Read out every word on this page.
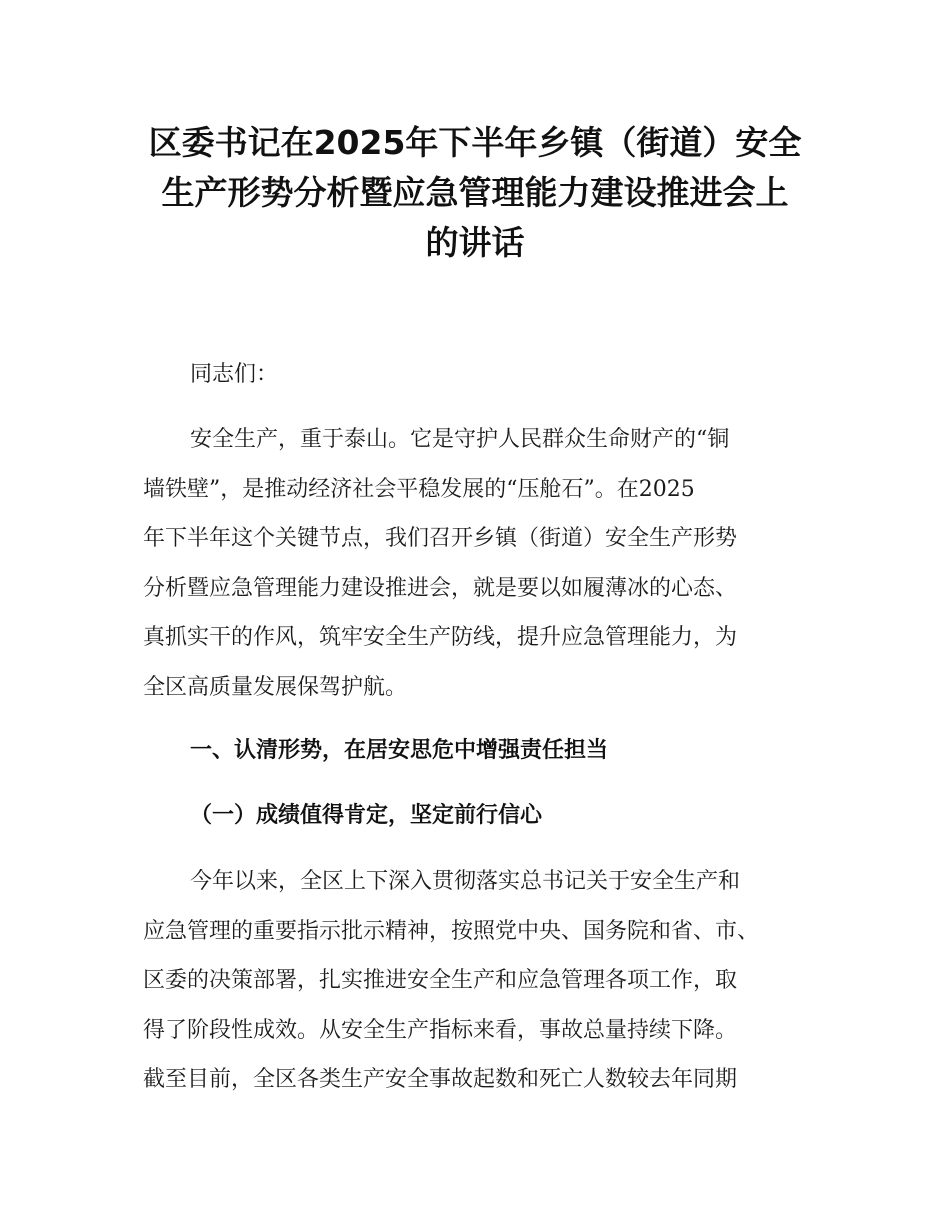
区委书记在2025年下半年乡镇（街道）安全
生产形势分析暨应急管理能力建设推进会上
的讲话

同志们：

安全生产，重于泰山。它是守护人民群众生命财产的“铜
墙铁壁”，是推动经济社会平稳发展的“压舱石”。在2025
年下半年这个关键节点，我们召开乡镇（街道）安全生产形势
分析暨应急管理能力建设推进会，就是要以如履薄冰的心态、
真抓实干的作风，筑牢安全生产防线，提升应急管理能力，为
全区高质量发展保驾护航。

一、认清形势，在居安思危中增强责任担当
（一）成绩值得肯定，坚定前行信心

今年以来，全区上下深入贯彻落实总书记关于安全生产和
应急管理的重要指示批示精神，按照党中央、国务院和省、市、
区委的决策部署，扎实推进安全生产和应急管理各项工作，取
得了阶段性成效。从安全生产指标来看，事故总量持续下降。
截至目前，全区各类生产安全事故起数和死亡人数较去年同期
